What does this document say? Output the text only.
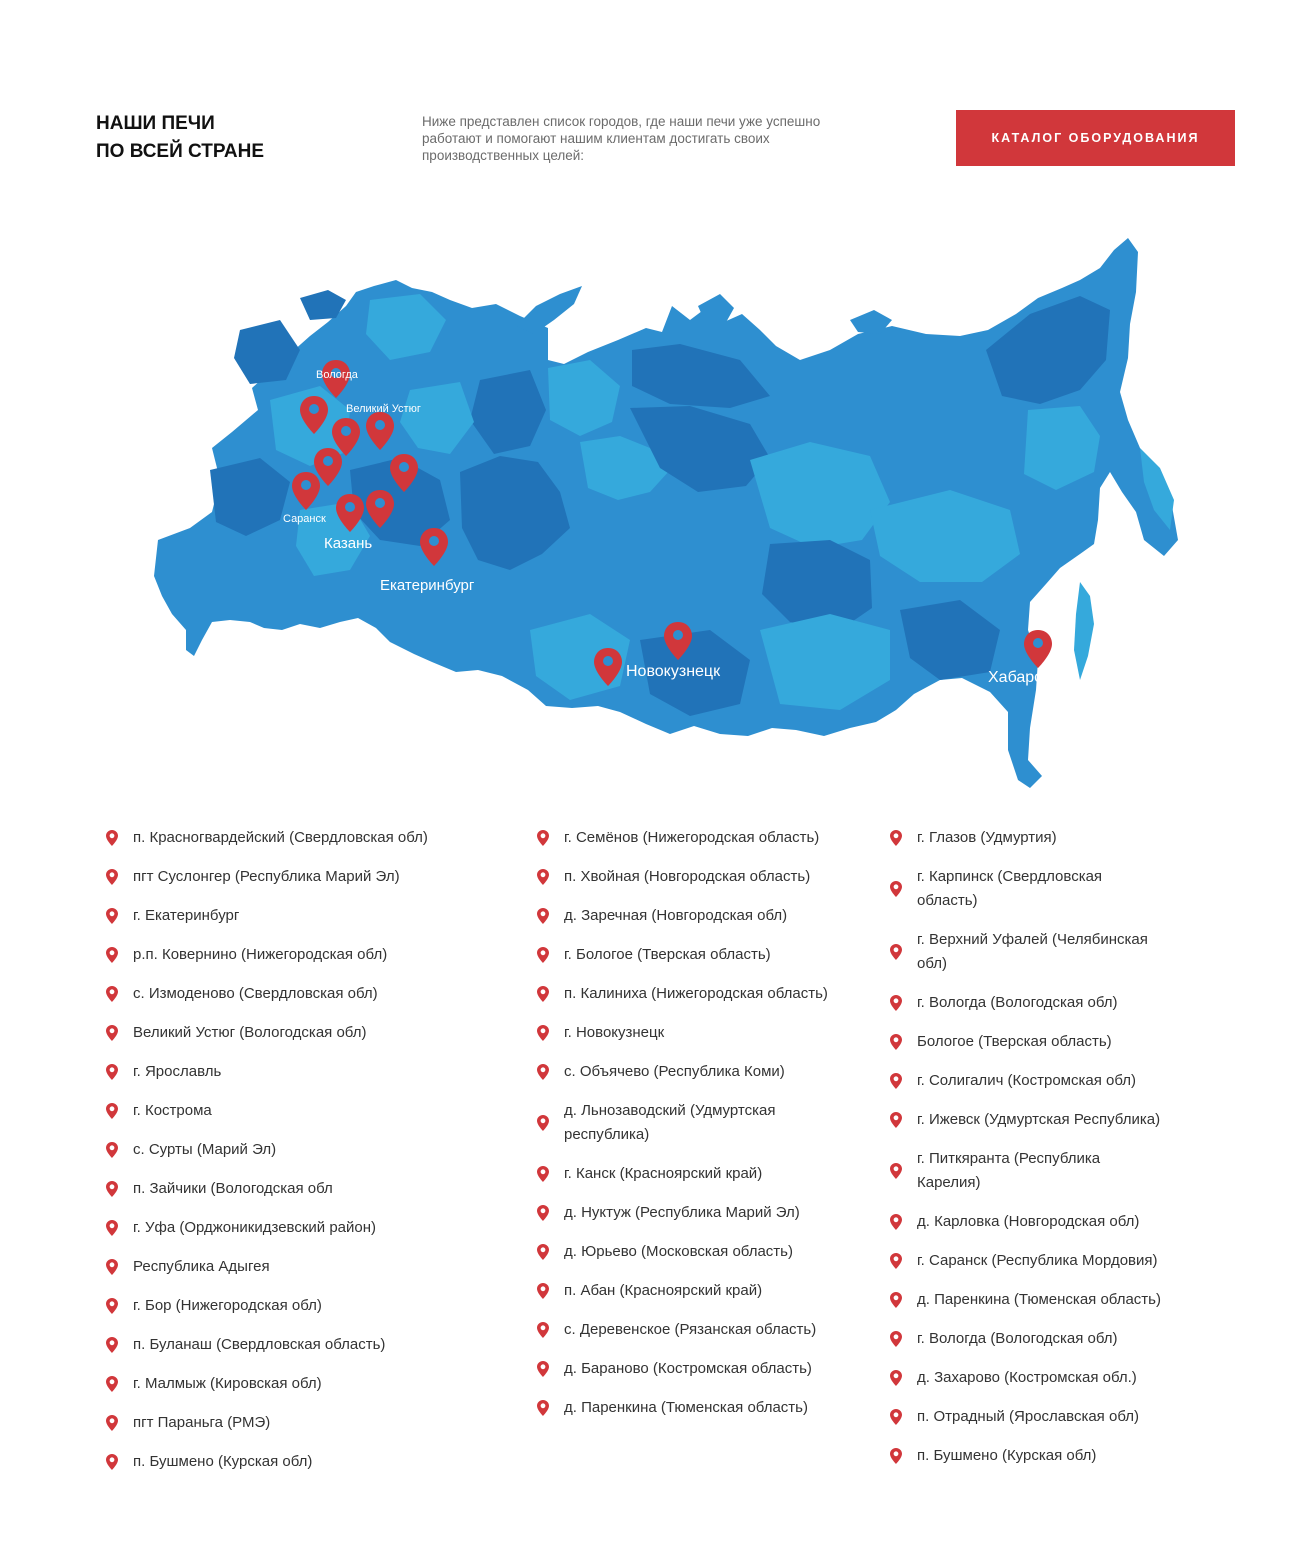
НАШИ ПЕЧИ
ПО ВСЕЙ СТРАНЕ
Ниже представлен список городов, где наши печи уже успешно работают и помогают нашим клиентам достигать своих производственных целей:
КАТАЛОГ ОБОРУДОВАНИЯ
Вологда
Великий Устюг
Саранск
Казань
Екатеринбург
Новокузнецк	Хабаровск
п. Красногвардейский (Свердловская обл)
пгт Суслонгер (Республика Марий Эл)
г. Екатеринбург
р.п. Ковернино (Нижегородская обл)
с. Измоденово (Свердловская обл)
Великий Устюг (Вологодская обл)
г. Ярославль
г. Кострома
с. Сурты (Марий Эл)
п. Зайчики (Вологодская обл
г. Уфа (Орджоникидзевский район)
Республика Адыгея
г. Бор (Нижегородская обл)
п. Буланаш (Свердловская область)
г. Малмыж (Кировская обл)
пгт Параньга (РМЭ)
п. Бушмено (Курская обл)
г. Семёнов (Нижегородская область)
п. Хвойная (Новгородская область)
д. Заречная (Новгородская обл)
г. Бологое (Тверская область)
п. Калиниха (Нижегородская область)
г. Новокузнецк
с. Объячево (Республика Коми)
д. Льнозаводский (Удмуртская республика)
г. Канск (Красноярский край)
д. Нуктуж (Республика Марий Эл)
д. Юрьево (Московская область)
п. Абан (Красноярский край)
с. Деревенское (Рязанская область)
д. Бараново (Костромская область)
д. Паренкина (Тюменская область)
г. Глазов (Удмуртия)
г. Карпинск (Свердловская область)
г. Верхний Уфалей (Челябинская обл)
г. Вологда (Вологодская обл)
Бологое (Тверская область)
г. Солигалич (Костромская обл)
г. Ижевск (Удмуртская Республика)
г. Питкяранта (Республика Карелия)
д. Карловка (Новгородская обл)
г. Саранск (Республика Мордовия)
д. Паренкина (Тюменская область)
г. Вологда (Вологодская обл)
д. Захарово (Костромская обл.)
п. Отрадный (Ярославская обл)
п. Бушмено (Курская обл)
